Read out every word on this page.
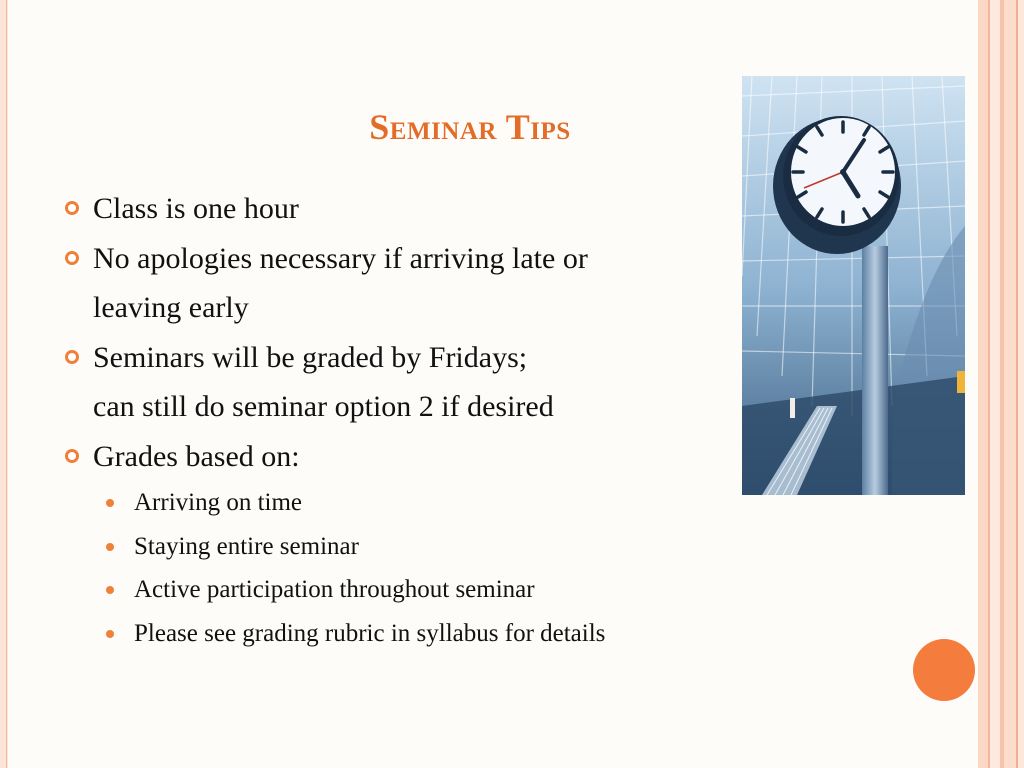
Seminar Tips
Class is one hour
No apologies necessary if arriving late or
leaving early
Seminars will be graded by Fridays;
can still do seminar option 2 if desired
Grades based on:
Arriving on time
Staying entire seminar
Active participation throughout seminar
Please see grading rubric in syllabus for details
